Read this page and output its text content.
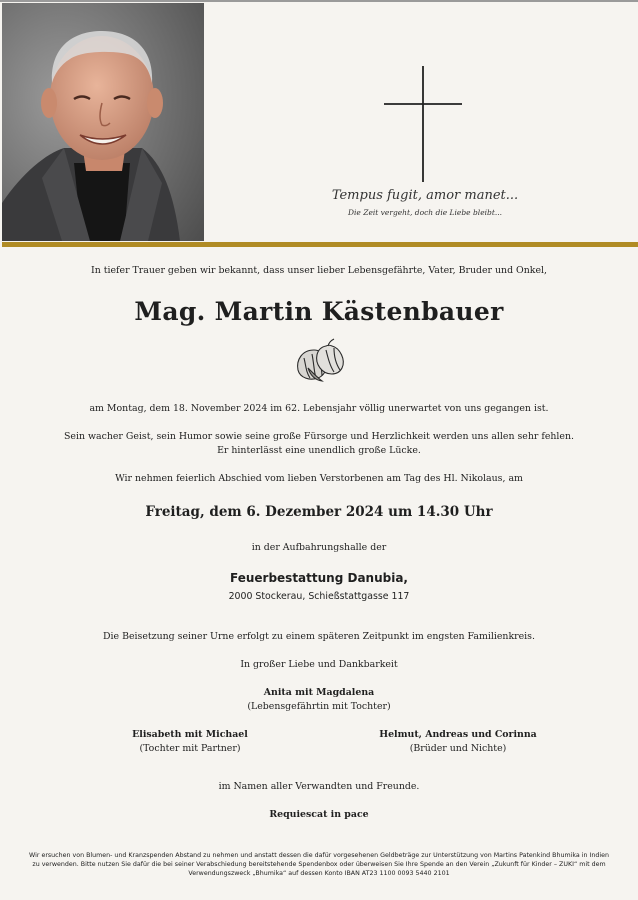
Tempus fugit, amor manet...
Die Zeit vergeht, doch die Liebe bleibt...
In tiefer Trauer geben wir bekannt, dass unser lieber Lebensgefährte, Vater, Bruder und Onkel,
Mag. Martin Kästenbauer
am Montag, dem 18. November 2024 im 62. Lebensjahr völlig unerwartet von uns gegangen ist.
Sein wacher Geist, sein Humor sowie seine große Fürsorge und Herzlichkeit werden uns allen sehr fehlen.
Er hinterlässt eine unendlich große Lücke.
Wir nehmen feierlich Abschied vom lieben Verstorbenen am Tag des Hl. Nikolaus, am
Freitag, dem 6. Dezember 2024 um 14.30 Uhr
in der Aufbahrungshalle der
Feuerbestattung Danubia,
2000 Stockerau, Schießstattgasse 117
Die Beisetzung seiner Urne erfolgt zu einem späteren Zeitpunkt im engsten Familienkreis.
In großer Liebe und Dankbarkeit
Anita mit Magdalena
(Lebensgefährtin mit Tochter)
Elisabeth mit Michael
(Tochter mit Partner)
Helmut, Andreas und Corinna
(Brüder und Nichte)
im Namen aller Verwandten und Freunde.
Requiescat in pace
Wir ersuchen von Blumen- und Kranzspenden Abstand zu nehmen und anstatt dessen die dafür vorgesehenen Geldbeträge zur Unterstützung von Martins Patenkind Bhumika in Indien
zu verwenden. Bitte nutzen Sie dafür die bei seiner Verabschiedung bereitstehende Spendenbox oder überweisen Sie Ihre Spende an den Verein „Zukunft für Kinder – ZUKI“ mit dem
Verwendungszweck „Bhumika“ auf dessen Konto IBAN AT23 1100 0093 5440 2101
